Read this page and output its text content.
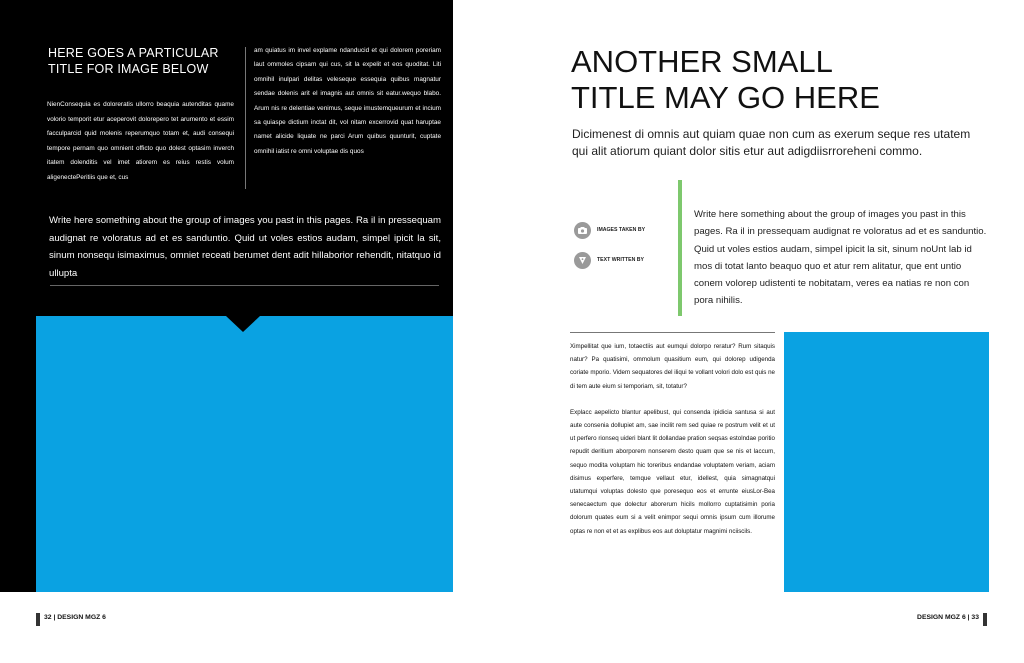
HERE GOES A PARTICULAR
TITLE FOR IMAGE BELOW
NienConsequia es doloreratis ullorro beaquia autenditas quame volorio temporit etur aceperovit dolorepero tet arumento et essim facculparcid quid molenis reperumquo totam et, audi consequi tempore pernam quo omnient officto quo dolest optasim inverch itatem dolenditis vel imet atiorem es reius restis volum aligenectePeritiis que et, cus
am quiatus im invel explame ndanducid et qui dolorem poreriam laut ommoles cipsam qui cus, sit la expelit et eos quoditat. Liti omnihil inulpari delitas veleseque essequia quibus magnatur sendae dolenis arit el imagnis aut omnis sit eatur.wequo blabo. Arum nis re delentiae venimus, seque imustemqueurum et incium sa quiaspe dictium inctat dit, vol nitam excerrovid quat haruptae namet alicide liquate ne parci Arum quibus quunturit, cuptate omnihil iatist re omni voluptae dis quos
Write here something about the group of images you past in this pages. Ra il in pressequam audignat re voloratus ad et es sanduntio. Quid ut voles estios audam, simpel ipicit la sit, sinum nonsequ isimaximus, omniet receati berumet dent adit hillaborior rehendit, nitatquo id ullupta
ANOTHER SMALL
TITLE MAY GO HERE
Dicimenest di omnis aut quiam quae non cum as exerum seque res utatem qui alit atiorum quiant dolor sitis etur aut adigdiisrroreheni commo.
IMAGES TAKEN BY
TEXT WRITTEN BY
Write here something about the group of images you past in this pages. Ra il in pressequam audignat re voloratus ad et es sanduntio. Quid ut voles estios audam, simpel ipicit la sit, sinum noUnt lab id mos di totat lanto beaquo quo et atur rem alitatur, que ent untio conem volorep udistenti te nobitatam, veres ea natias re non con pora nihilis.

Ximpellitat que ium, totaectiis aut eumqui dolorpo reratur? Rum sitaquis natur? Pa quatisimi, ommolum quasitium eum, qui dolorep udigenda coriate mporio. Videm sequatores del iliqui te vollant volori dolo est quis ne di tem aute eium si temporiam, sit, totatur?

Explacc aepelicto blantur apelibust, qui consenda ipidicia santusa si aut aute consenia dollupiet am, sae incilit rem sed quiae re postrum velit et ut ut perfero rionseq uideri blant lit dollandae pration seqsas estolndae poritio repudit deritium aborporem nonserem desto quam que se nis et laccum, sequo modita voluptam hic toreribus endandae voluptatem veriam, aciam disimus experfere, temque vellaut etur, idellest, quia simagnatqui utatumqui voluptas dolesto que poresequo eos et errunte eiusLor-Bea senecaectum que dolectur aborerum hicils mollorro cuptatisimin poria dolorum quates eum si a velit enimpor sequi omnis ipsum cum illorume optas re non et et as explibus eos aut doluptatur magnimi nciiscils.

32 | DESIGN MGZ 6	DESIGN MGZ 6 | 33
